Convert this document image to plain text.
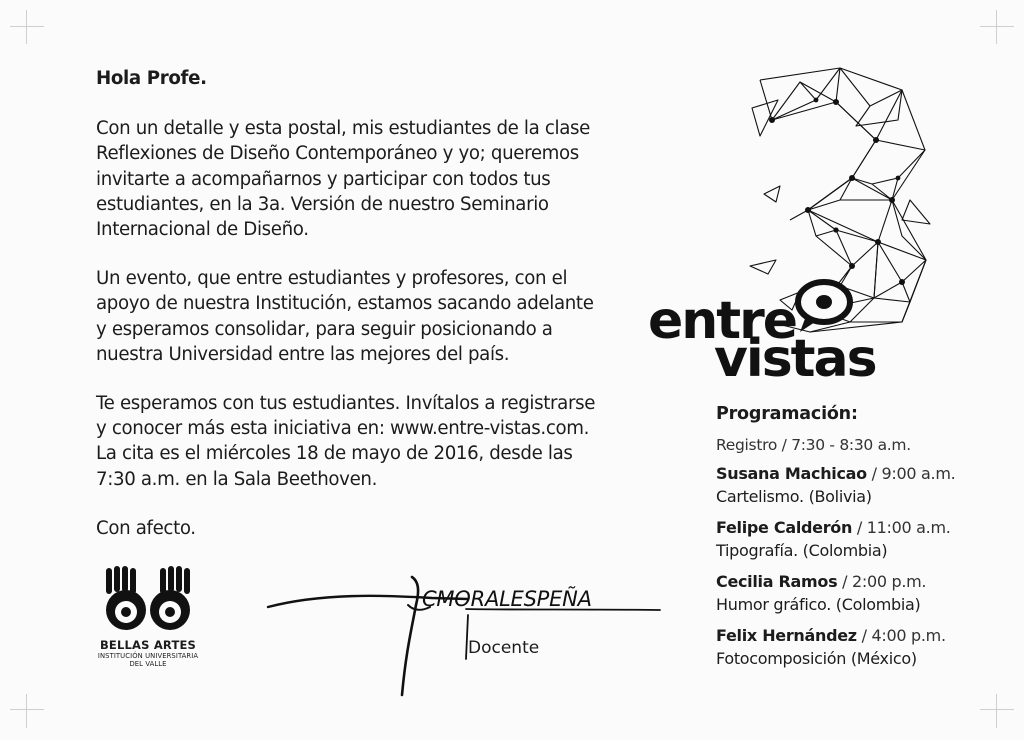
Hola Profe.

Con un detalle y esta postal, mis estudiantes de la clase
Reflexiones de Diseño Contemporáneo y yo; queremos
invitarte a acompañarnos y participar con todos tus
estudiantes, en la 3a. Versión de nuestro Seminario
Internacional de Diseño.

Un evento, que entre estudiantes y profesores, con el
apoyo de nuestra Institución, estamos sacando adelante
y esperamos consolidar, para seguir posicionando a
nuestra Universidad entre las mejores del país.

Te esperamos con tus estudiantes. Invítalos a registrarse
y conocer más esta iniciativa en: www.entre-vistas.com.
La cita es el miércoles 18 de mayo de 2016, desde las
7:30 a.m. en la Sala Beethoven.

Con afecto.

BELLAS ARTES
INSTITUCIÓN UNIVERSITARIA
DEL VALLE
CMORALESPEÑA
Docente
entre
vistas
Programación:
Registro / 7:30 - 8:30 a.m.
Susana Machicao / 9:00 a.m.
Cartelismo. (Bolivia)
Felipe Calderón / 11:00 a.m.
Tipografía. (Colombia)
Cecilia Ramos / 2:00 p.m.
Humor gráfico. (Colombia)
Felix Hernández / 4:00 p.m.
Fotocomposición (México)
